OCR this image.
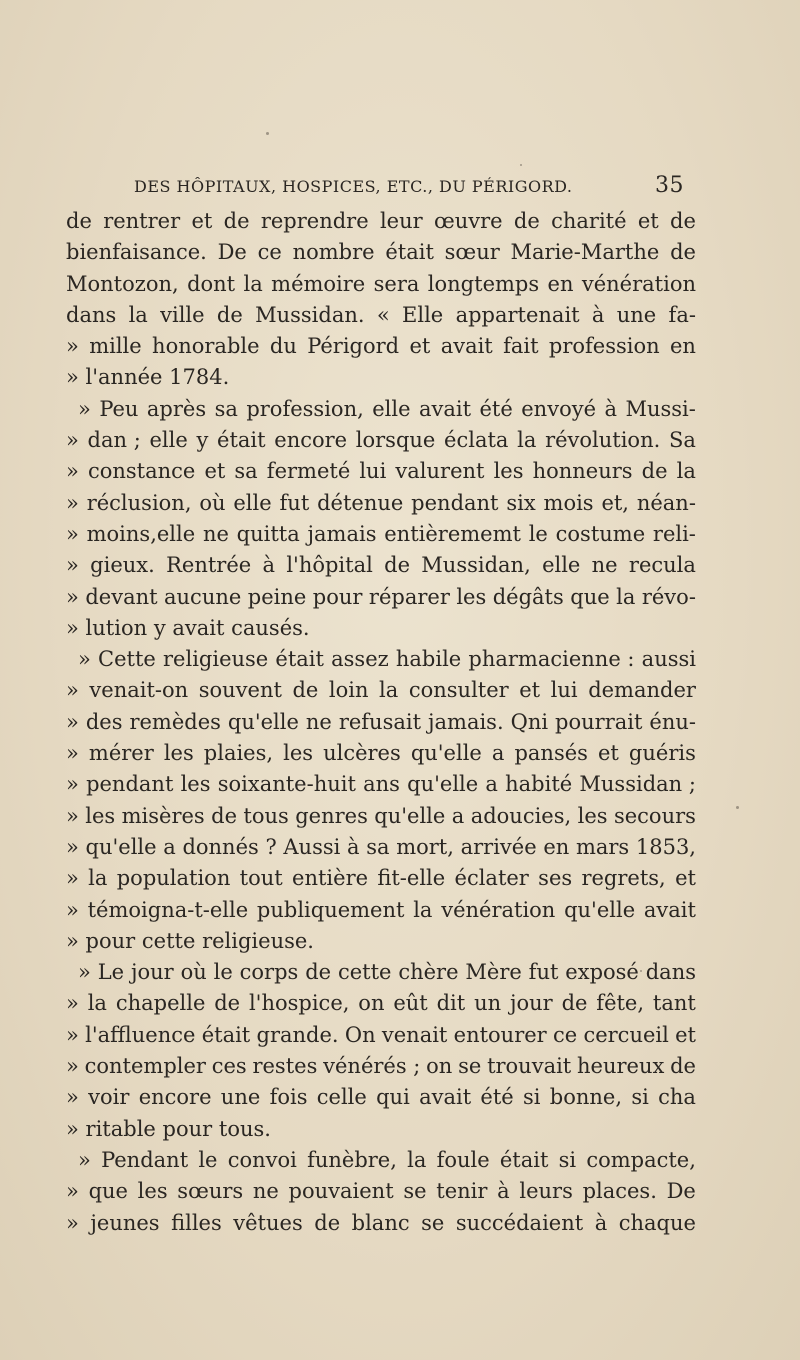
DES HÔPITAUX, HOSPICES, ETC., DU PÉRIGORD.	35
de rentrer et de reprendre leur œuvre de charité et de
bienfaisance. De ce nombre était sœur Marie-Marthe de
Montozon, dont la mémoire sera longtemps en vénération
dans la ville de Mussidan. « Elle appartenait à une fa-
» mille honorable du Périgord et avait fait profession en
»
l'année
1784.
» Peu après sa profession, elle avait été envoyé à Mussi-
» dan ; elle y était encore lorsque éclata la révolution. Sa
» constance et sa fermeté lui valurent les honneurs de la
» réclusion, où elle fut détenue pendant six mois et, néan-
» moins,elle ne quitta jamais entièrememt le costume reli-
» gieux. Rentrée à l'hôpital de Mussidan, elle ne recula
» devant aucune peine pour réparer les dégâts que la révo-
»
lution
y
avait
causés.
» Cette religieuse était assez habile pharmacienne : aussi
» venait-on souvent de loin la consulter et lui demander
» des remèdes qu'elle ne refusait jamais. Qni pourrait énu-
» mérer les plaies, les ulcères qu'elle a pansés et guéris
» pendant les soixante-huit ans qu'elle a habité Mussidan ;
» les misères de tous genres qu'elle a adoucies, les secours
» qu'elle a donnés ? Aussi à sa mort, arrivée en mars 1853,
» la population tout entière fit-elle éclater ses regrets, et
» témoigna-t-elle publiquement la vénération qu'elle avait
»
pour
cette
religieuse.
» Le jour où le corps de cette chère Mère fut exposé dans
» la chapelle de l'hospice, on eût dit un jour de fête, tant
» l'affluence était grande. On venait entourer ce cercueil et
» contempler ces restes vénérés ; on se trouvait heureux de
» voir encore une fois celle qui avait été si bonne, si cha
»
ritable
pour
tous.
» Pendant le convoi funèbre, la foule était si compacte,
» que les sœurs ne pouvaient se tenir à leurs places. De
» jeunes filles vêtues de blanc se succédaient à chaque
